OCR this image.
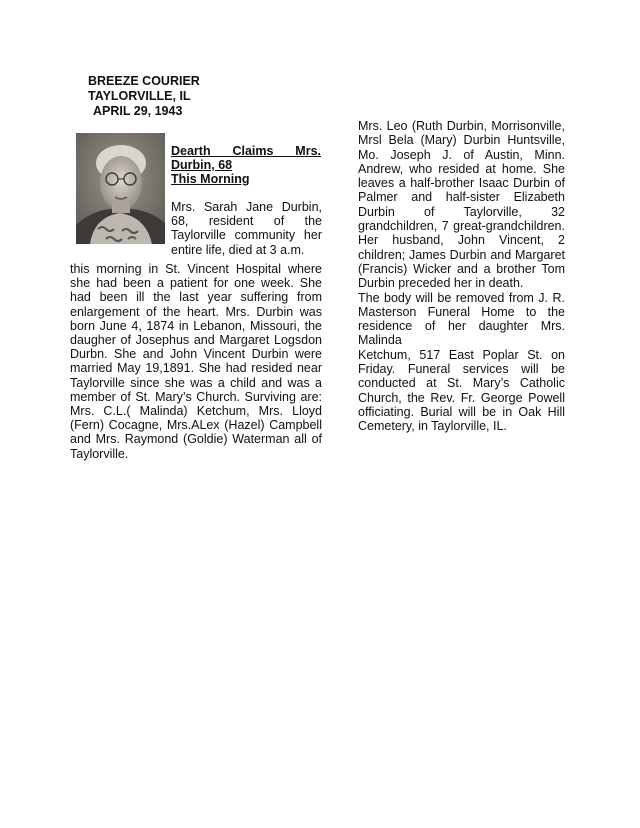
BREEZE COURIER
TAYLORVILLE, IL
APRIL 29, 1943
Dearth Claims Mrs.
Durbin, 68
This Morning
Mrs. Sarah Jane Durbin,
68, resident of the
Taylorville community her
entire life, died at 3 a.m.
this morning in St. Vincent Hospital where she had been a patient for one week. She had been ill the last year suffering from enlargement of the heart. Mrs. Durbin was born June 4, 1874 in Lebanon, Missouri, the daugher of Josephus and Margaret Logsdon Durbn. She and John Vincent Durbin were married May 19,1891. She had resided near Taylorville since she was a child and was a member of St. Mary’s Church. Surviving are: Mrs. C.L.( Malinda) Ketchum, Mrs. Lloyd (Fern) Cocagne, Mrs.ALex (Hazel) Campbell and Mrs. Raymond (Goldie) Waterman all of Taylorville.

Mrs. Leo (Ruth Durbin, Morrisonville, Mrsl Bela (Mary) Durbin Huntsville, Mo. Joseph J. of Austin, Minn. Andrew, who resided at home. She leaves a half-brother Isaac Durbin of Palmer and half-sister Elizabeth Durbin of Taylorville, 32 grandchildren, 7 great-grandchildren. Her husband, John Vincent, 2 children; James Durbin and Margaret (Francis) Wicker and a brother Tom Durbin preceded her in death.

The body will be removed from J. R. Masterson Funeral Home to the residence of her daughter Mrs. Malinda

Ketchum, 517 East Poplar St. on Friday. Funeral services will be conducted at St. Mary’s Catholic Church, the Rev. Fr. George Powell officiating. Burial will be in Oak Hill Cemetery, in Taylorville, IL.
